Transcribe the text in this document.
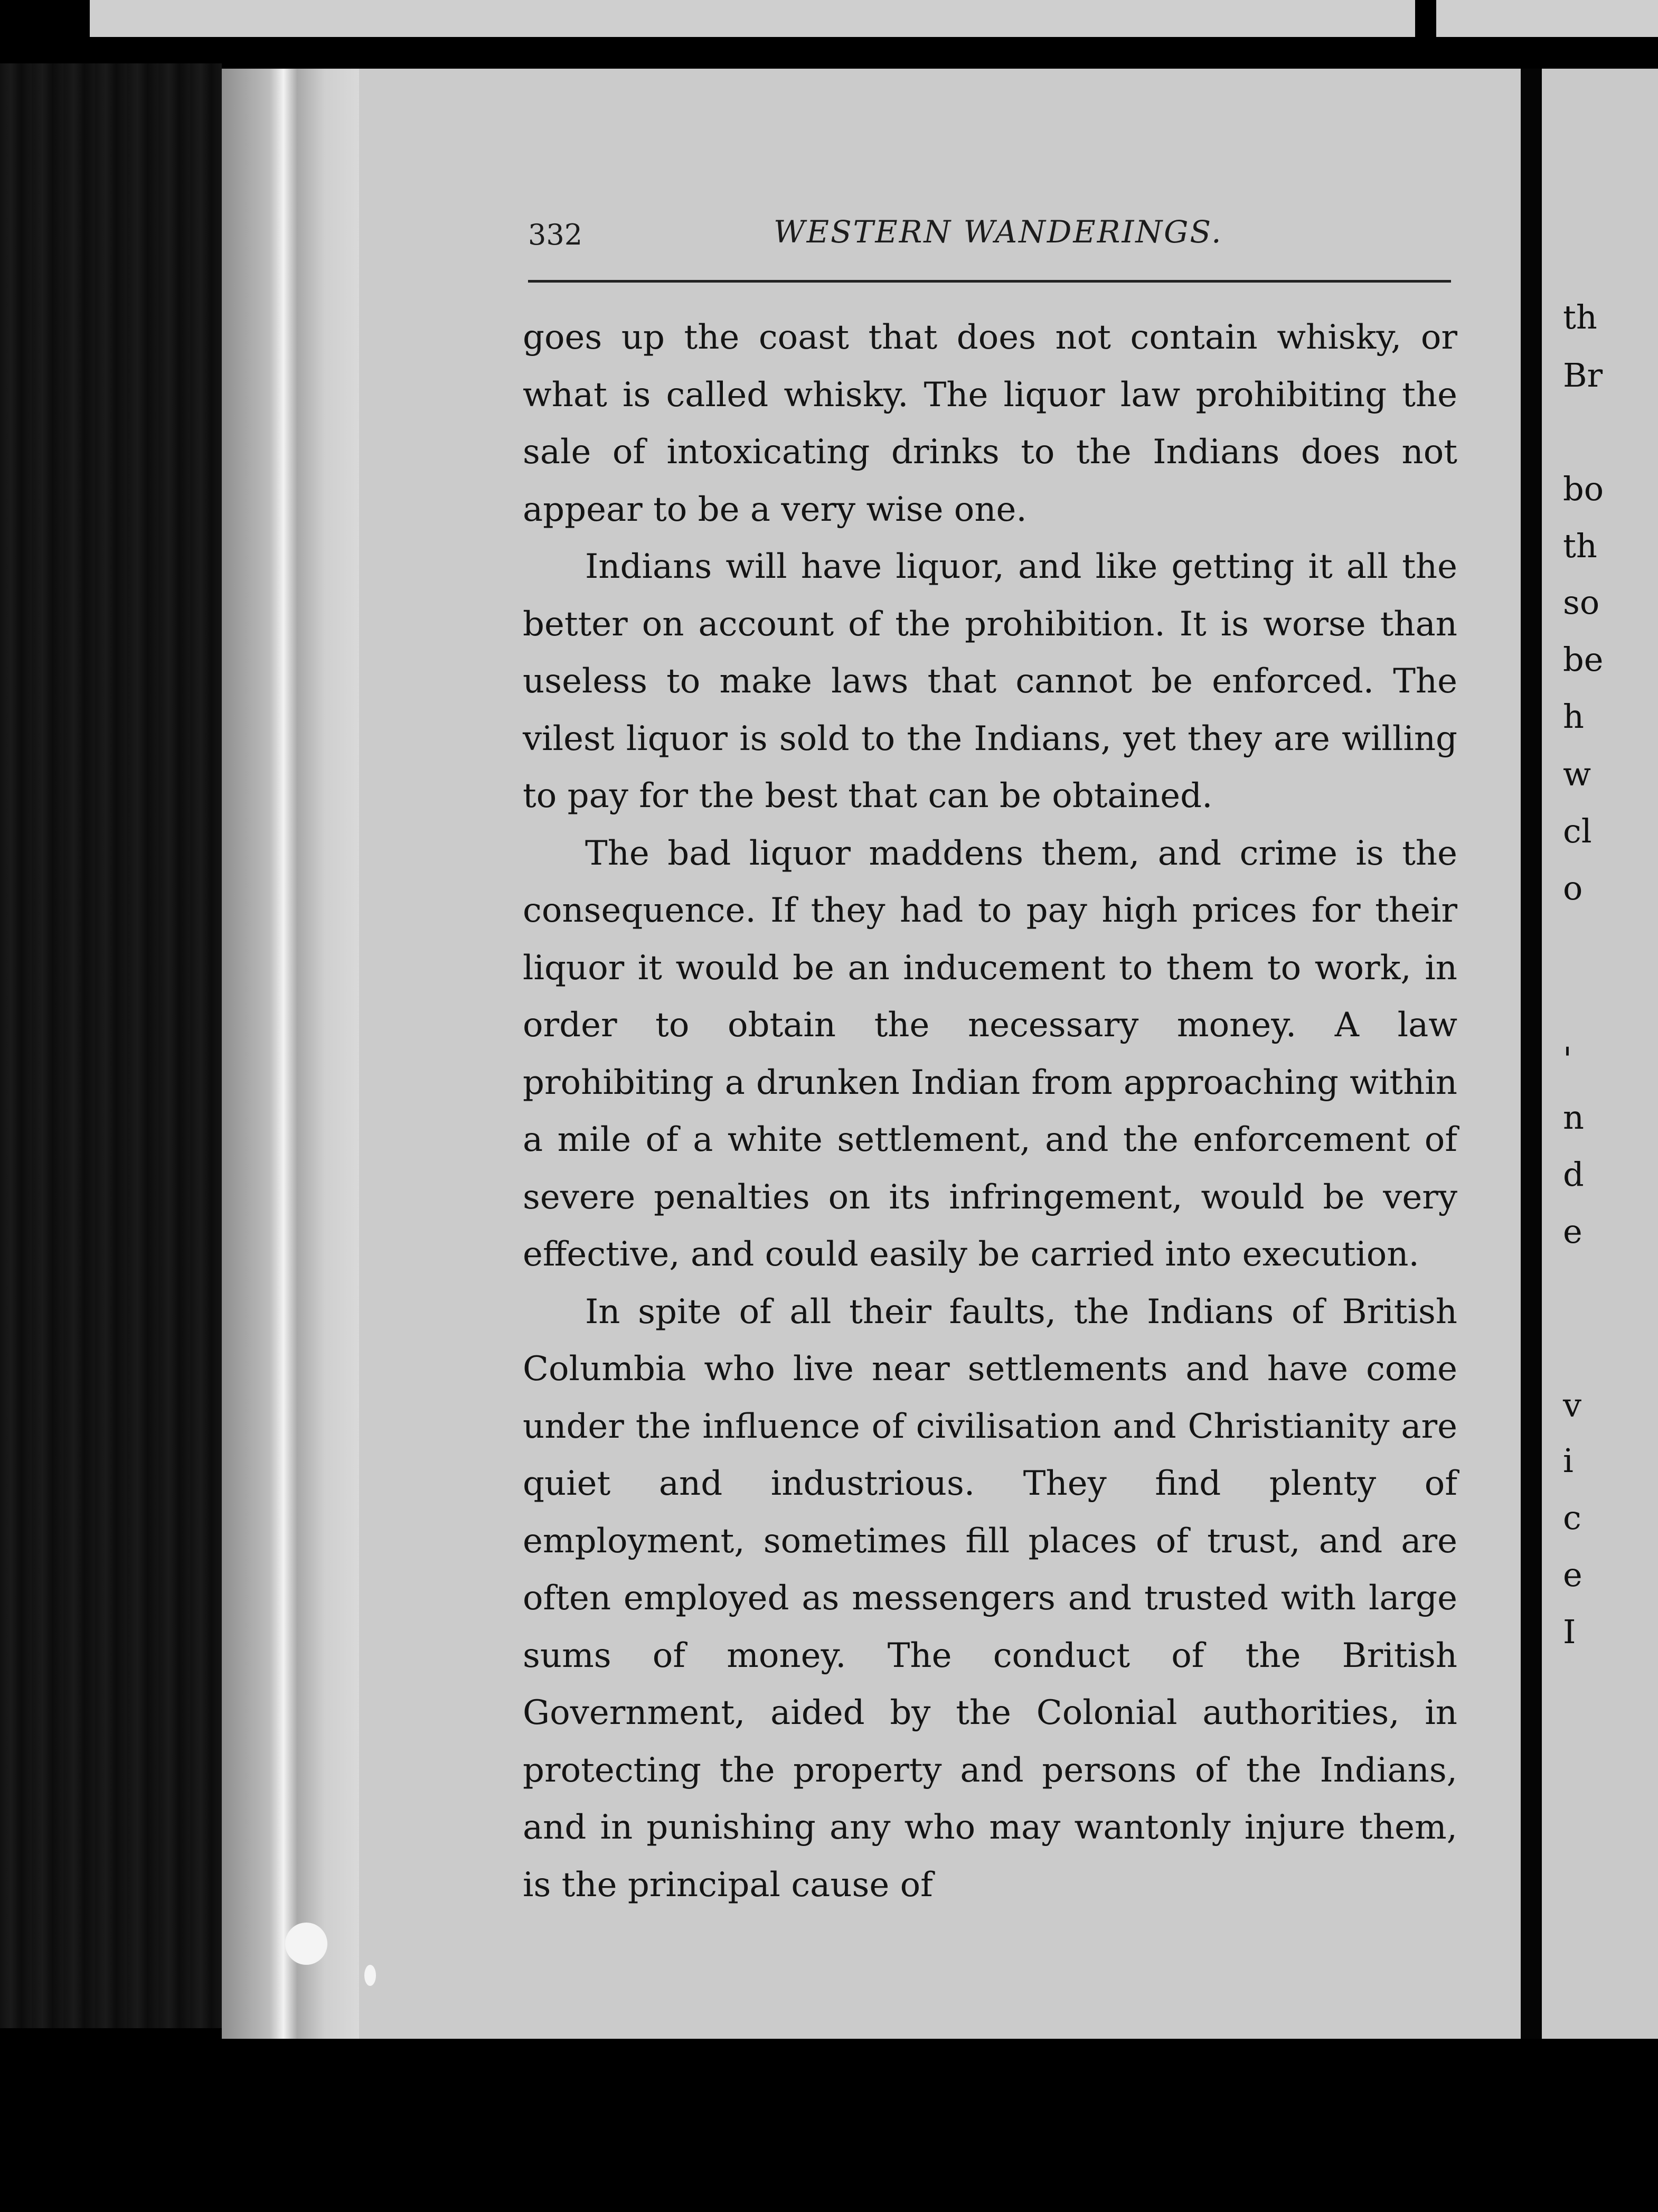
332	WESTERN WANDERINGS.

goes up the coast that does not contain whisky, or what is called whisky. The liquor law prohibiting the sale of intoxicating drinks to the Indians does not appear to be a very wise one.

Indians will have liquor, and like getting it all the better on account of the prohibition. It is worse than useless to make laws that cannot be enforced. The vilest liquor is sold to the Indians, yet they are willing to pay for the best that can be obtained.

The bad liquor maddens them, and crime is the consequence. If they had to pay high prices for their liquor it would be an inducement to them to work, in order to obtain the necessary money. A law prohibiting a drunken Indian from approaching within a mile of a white settlement, and the enforcement of severe penalties on its infringement, would be very effective, and could easily be carried into execution.

In spite of all their faults, the Indians of British Columbia who live near settlements and have come under the influence of civilisation and Christianity are quiet and industrious. They find plenty of employment, sometimes fill places of trust, and are often employed as messengers and trusted with large sums of money. The conduct of the British Government, aided by the Colonial authorities, in protecting the property and persons of the Indians, and in punishing any who may wantonly injure them, is the principal cause of

th
Br
bo
th
so
be
h
w
cl
o
'
n
d
e
v
i
c
e
I
